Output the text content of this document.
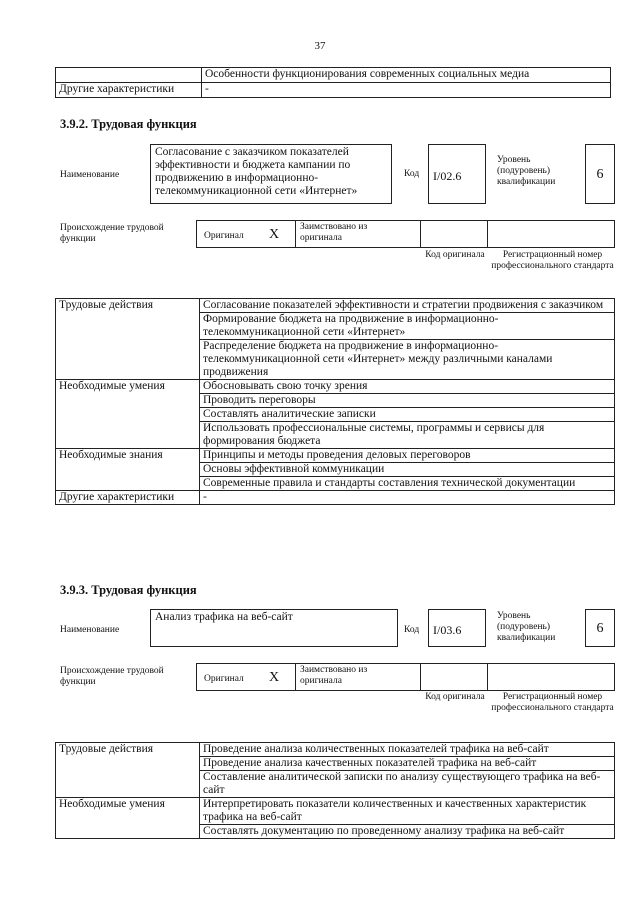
37
	Особенности функционирования современных социальных медиа
Другие характеристики	-
3.9.2. Трудовая функция
Наименование
Согласование с заказчиком показателей эффективности и бюджета кампании по продвижению в информационно-телекоммуникационной сети «Интернет»
Код	I/02.6
Уровень (подуровень) квалификации	6
Происхождение трудовой функции	Оригинал X Заимствовано из оригинала
Код оригинала	Регистрационный номер профессионального стандарта
Трудовые действия	Согласование показателей эффективности и стратегии продвижения с заказчиком
	Формирование бюджета на продвижение в информационно-телекоммуникационной сети «Интернет»
	Распределение бюджета на продвижение в информационно-телекоммуникационной сети «Интернет» между различными каналами продвижения
Необходимые умения	Обосновывать свою точку зрения
	Проводить переговоры
	Составлять аналитические записки
	Использовать профессиональные системы, программы и сервисы для формирования бюджета
Необходимые знания	Принципы и методы проведения деловых переговоров
	Основы эффективной коммуникации
	Современные правила и стандарты составления технической документации
Другие характеристики	-
3.9.3. Трудовая функция
Наименование
Анализ трафика на веб-сайт
Код	I/03.6
Уровень (подуровень) квалификации
6
Происхождение трудовой функции	Оригинал X Заимствовано из оригинала
Код оригинала	Регистрационный номер профессионального стандарта
Трудовые действия	Проведение анализа количественных показателей трафика на веб-сайт
	Проведение анализа качественных показателей трафика на веб-сайт
	Составление аналитической записки по анализу существующего трафика на веб-сайт
Необходимые умения	Интерпретировать показатели количественных и качественных характеристик трафика на веб-сайт
	Составлять документацию по проведенному анализу трафика на веб-сайт
